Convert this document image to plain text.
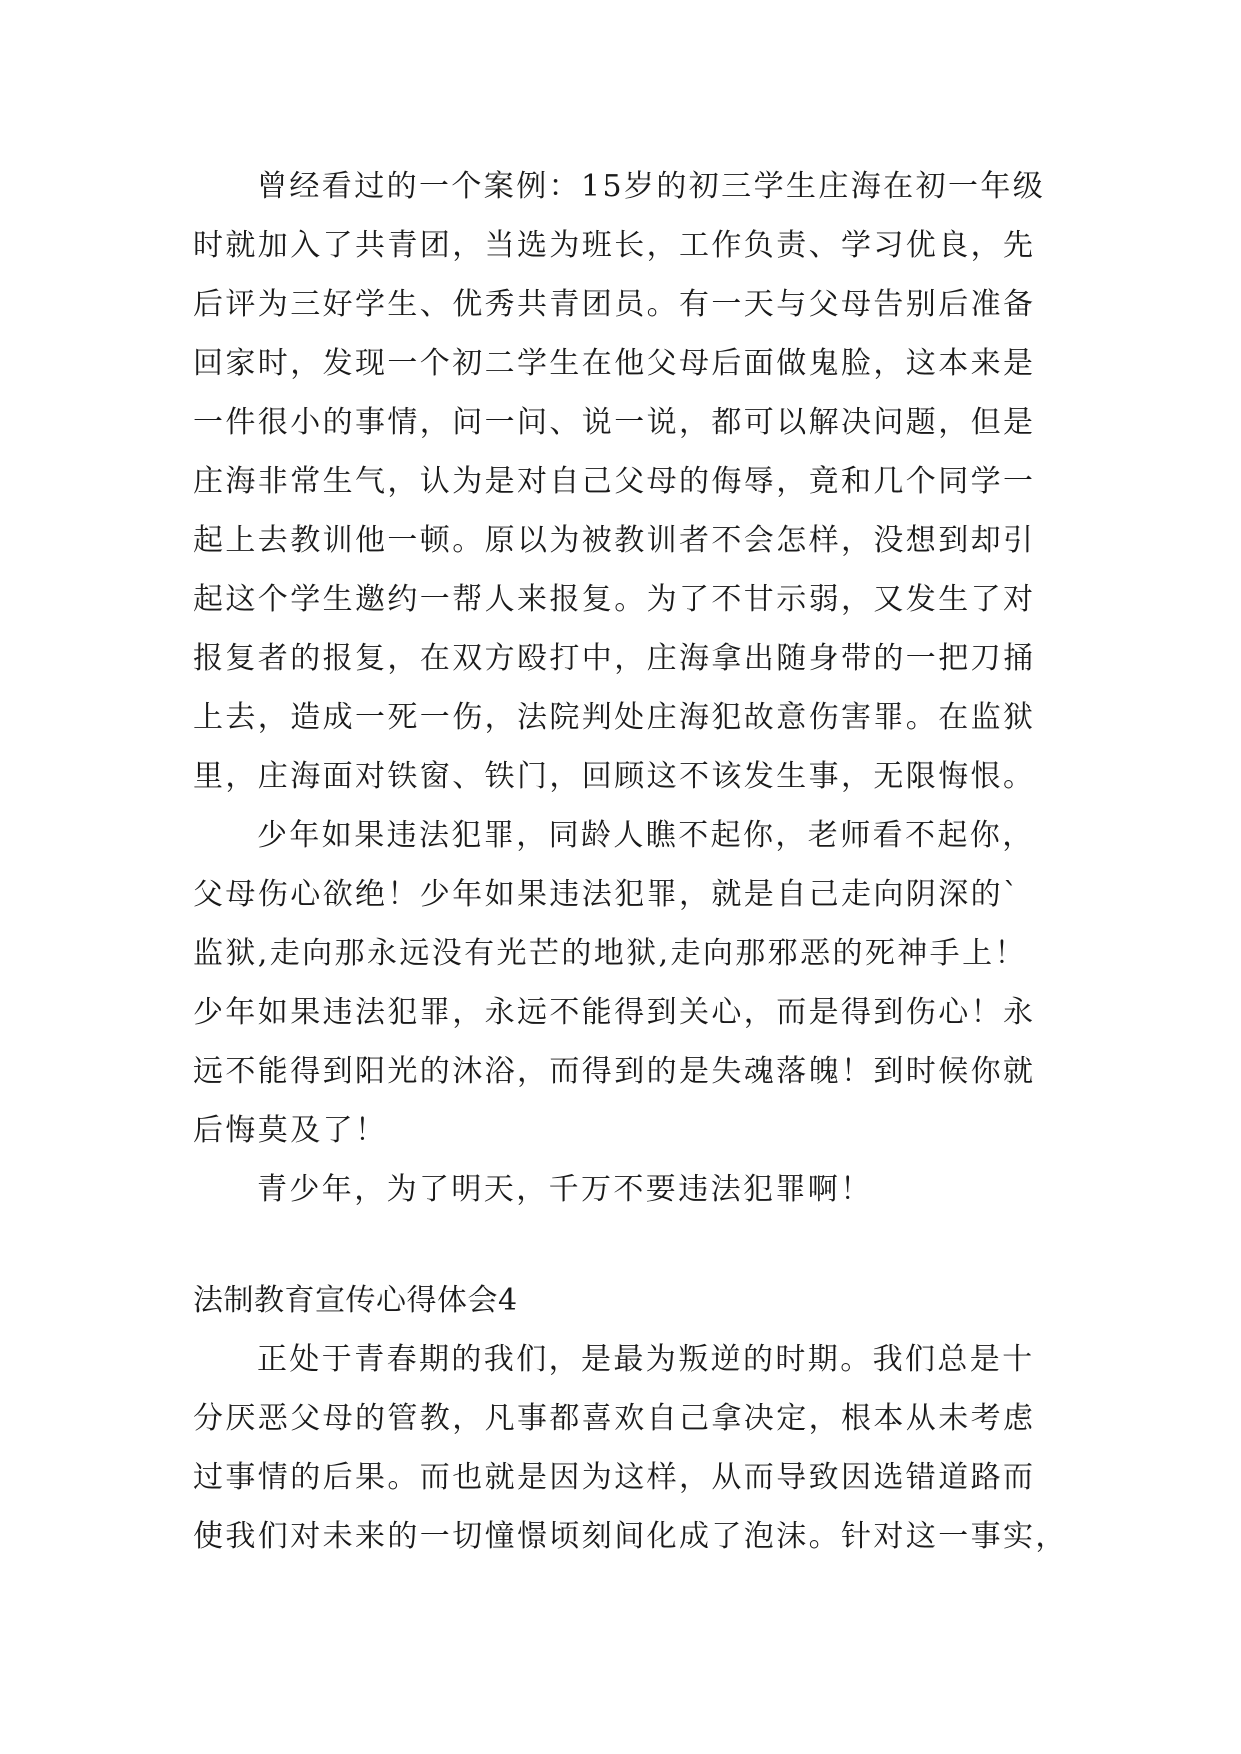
曾经看过的一个案例：15岁的初三学生庄海在初一年级
时就加入了共青团，当选为班长，工作负责、学习优良，先
后评为三好学生、优秀共青团员。有一天与父母告别后准备
回家时，发现一个初二学生在他父母后面做鬼脸，这本来是
一件很小的事情，问一问、说一说，都可以解决问题，但是
庄海非常生气，认为是对自己父母的侮辱，竟和几个同学一
起上去教训他一顿。原以为被教训者不会怎样，没想到却引
起这个学生邀约一帮人来报复。为了不甘示弱，又发生了对
报复者的报复，在双方殴打中，庄海拿出随身带的一把刀捅
上去，造成一死一伤，法院判处庄海犯故意伤害罪。在监狱
里，庄海面对铁窗、铁门，回顾这不该发生事，无限悔恨。
少年如果违法犯罪，同龄人瞧不起你，老师看不起你，
父母伤心欲绝！少年如果违法犯罪，就是自己走向阴深的`
监狱,走向那永远没有光芒的地狱,走向那邪恶的死神手上！
少年如果违法犯罪，永远不能得到关心，而是得到伤心！永
远不能得到阳光的沐浴，而得到的是失魂落魄！到时候你就
后悔莫及了！
青少年，为了明天，千万不要违法犯罪啊！
法制教育宣传心得体会4
正处于青春期的我们，是最为叛逆的时期。我们总是十
分厌恶父母的管教，凡事都喜欢自己拿决定，根本从未考虑
过事情的后果。而也就是因为这样，从而导致因选错道路而
使我们对未来的一切憧憬顷刻间化成了泡沫。针对这一事实，
